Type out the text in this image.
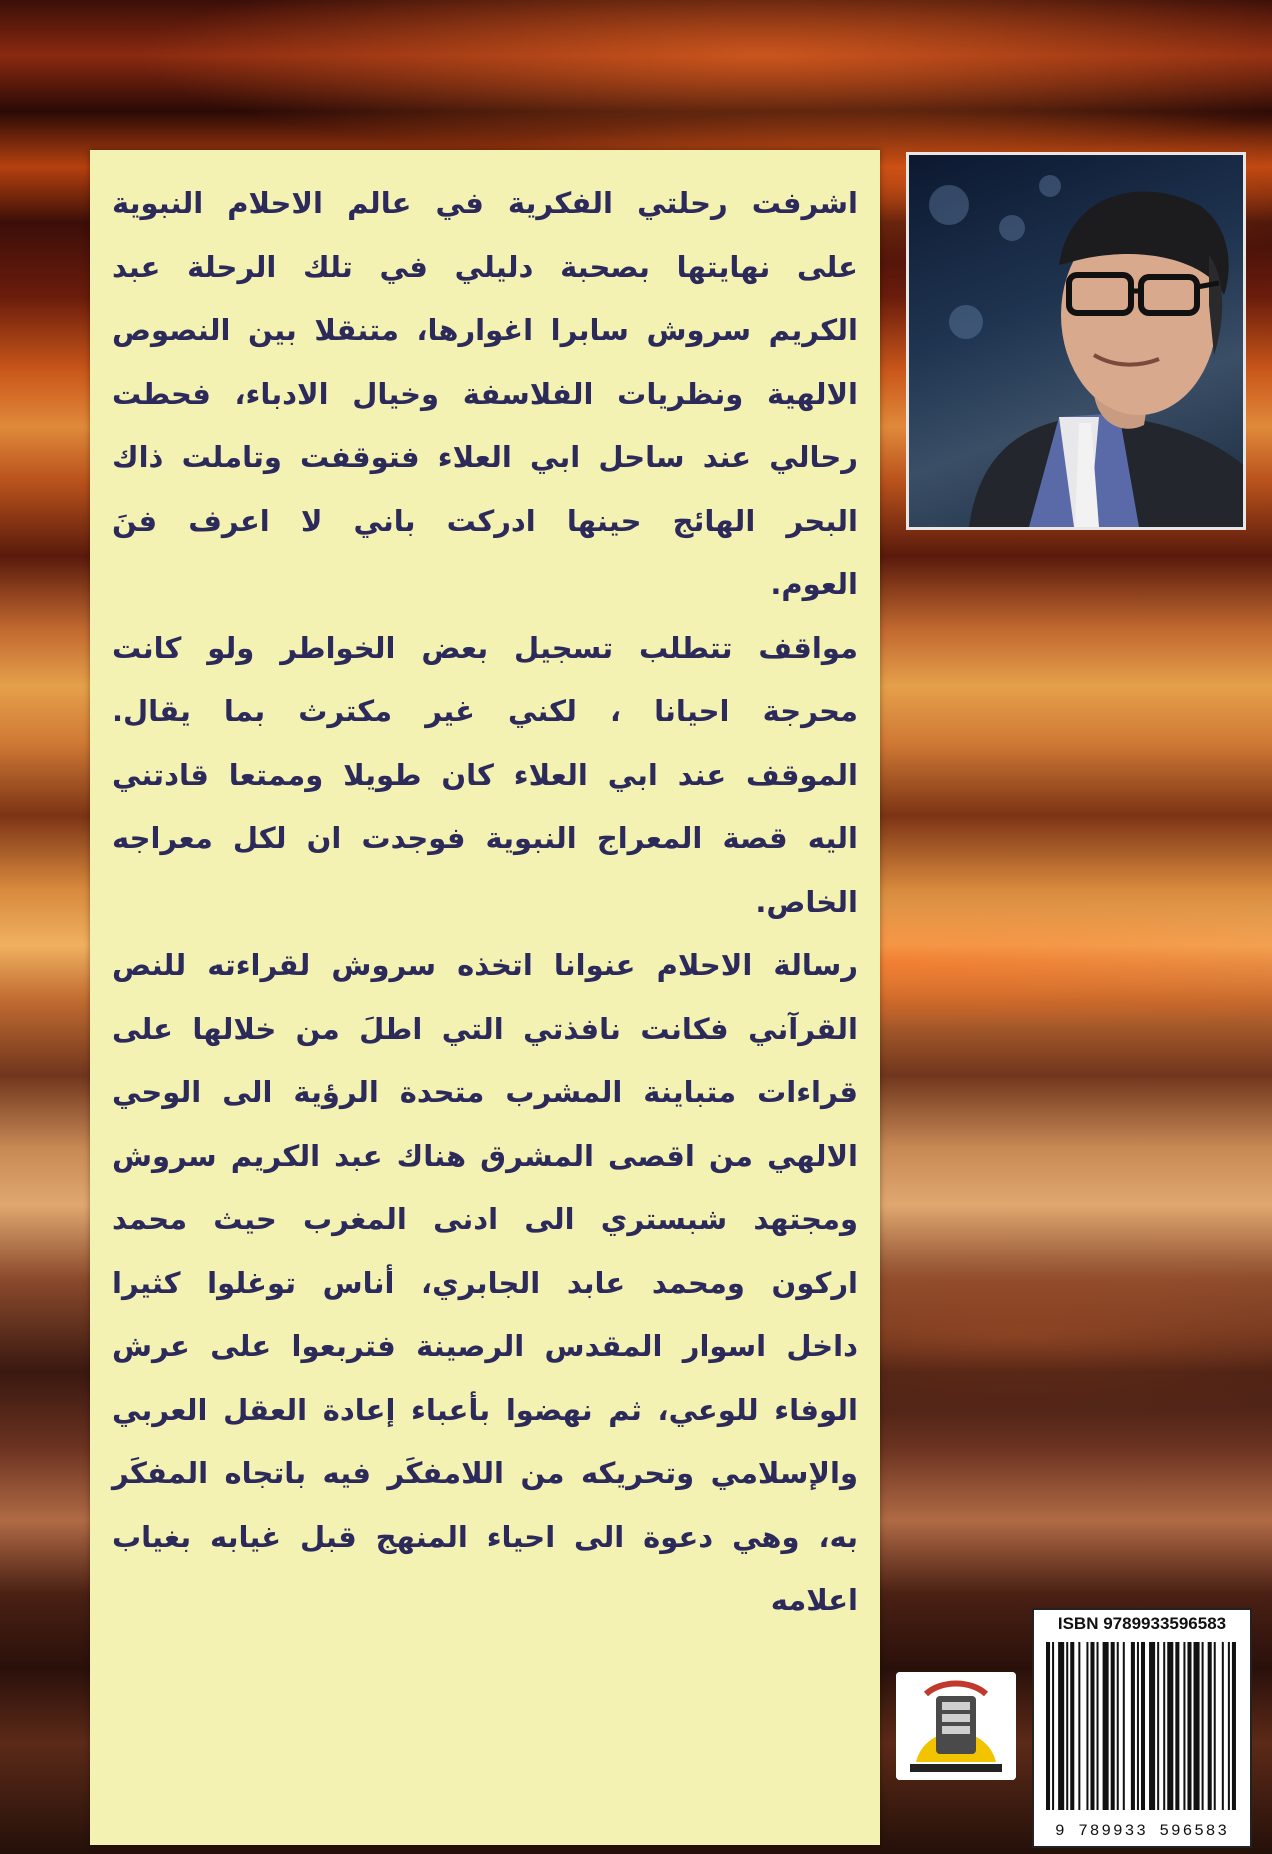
اشرفت رحلتي الفكرية في عالم الاحلام النبوية
على نهايتها بصحبة دليلي في تلك الرحلة عبد
الكريم سروش سابرا اغوارها، متنقلا بين النصوص
الالهية ونظريات الفلاسفة وخيال الادباء، فحطت
رحالي عند ساحل ابي العلاء فتوقفت وتاملت ذاك
البحر الهائج حينها ادركت باني لا اعرف فنَ
العوم.
مواقف تتطلب تسجيل بعض الخواطر ولو كانت
محرجة احيانا ، لكني غير مكترث بما يقال.
الموقف عند ابي العلاء كان طويلا وممتعا قادتني
اليه قصة المعراج النبوية فوجدت ان لكل معراجه
الخاص.
رسالة الاحلام عنوانا اتخذه سروش لقراءته للنص
القرآني فكانت نافذتي التي اطلَ من خلالها على
قراءات متباينة المشرب متحدة الرؤية الى الوحي
الالهي من اقصى المشرق هناك عبد الكريم سروش
ومجتهد شبستري الى ادنى المغرب حيث محمد
اركون ومحمد عابد الجابري، أناس توغلوا كثيرا
داخل اسوار المقدس الرصينة فتربعوا على عرش
الوفاء للوعي، ثم نهضوا بأعباء إعادة العقل العربي
والإسلامي وتحريكه من اللامفكَر فيه باتجاه المفكَر
به، وهي دعوة الى احياء المنهج قبل غيابه بغياب
اعلامه
ISBN 9789933596583
9 789933 596583
